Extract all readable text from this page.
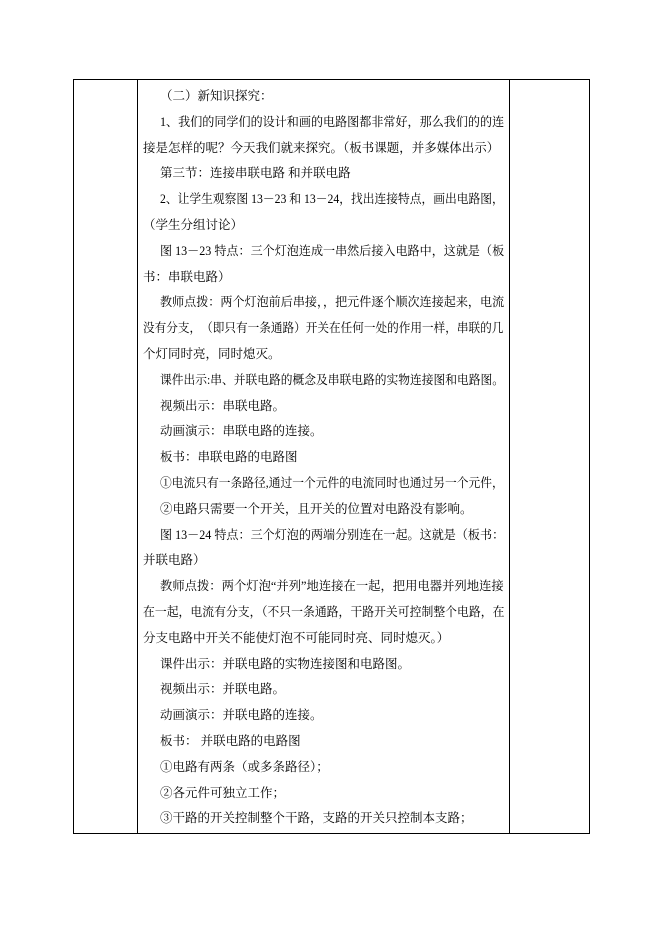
（二）新知识探究：
1、我们的同学们的设计和画的电路图都非常好，那么我们的的连
接是怎样的呢？今天我们就来探究。（板书课题，并多媒体出示）
第三节：连接串联电路 和并联电路
2、让学生观察图 13－23 和 13－24，找出连接特点，画出电路图，
（学生分组讨论）
图 13－23 特点：三个灯泡连成一串然后接入电路中，这就是（板
书：串联电路）
教师点拨：两个灯泡前后串接，，把元件逐个顺次连接起来，电流
没有分支，　（即只有一条通路）开关在任何一处的作用一样，串联的几
个灯同时亮，同时熄灭。
课件出示:串、并联电路的概念及串联电路的实物连接图和电路图。
视频出示：串联电路。
动画演示：串联电路的连接。
板书：串联电路的电路图
①电流只有一条路径,通过一个元件的电流同时也通过另一个元件，
②电路只需要一个开关，且开关的位置对电路没有影响。
图 13－24 特点：三个灯泡的两端分别连在一起。这就是（板书：
并联电路）
教师点拨：两个灯泡“并列”地连接在一起，把用电器并列地连接
在一起，电流有分支，（不只一条通路，干路开关可控制整个电路，在
分支电路中开关不能使灯泡不可能同时亮、同时熄灭。）
课件出示：并联电路的实物连接图和电路图。
视频出示：并联电路。
动画演示：并联电路的连接。
板书： 并联电路的电路图
①电路有两条（或多条路径）；
②各元件可独立工作；
③干路的开关控制整个干路，支路的开关只控制本支路；
